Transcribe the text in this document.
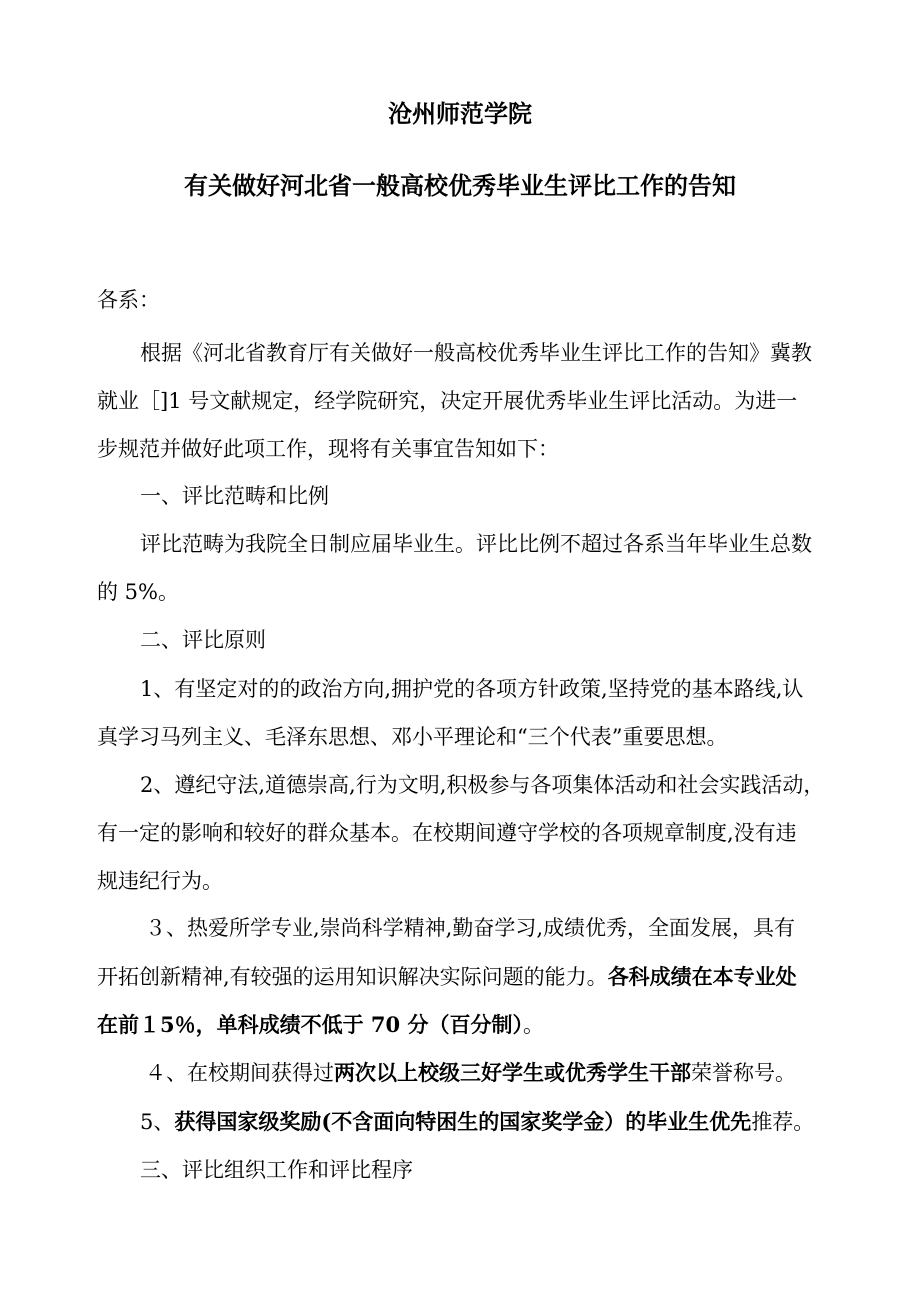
沧州师范学院
有关做好河北省一般高校优秀毕业生评比工作的告知
各系：
根据《河北省教育厅有关做好一般高校优秀毕业生评比工作的告知》冀教
就业［]1 号文献规定，经学院研究，决定开展优秀毕业生评比活动。为进一
步规范并做好此项工作，现将有关事宜告知如下：
一、评比范畴和比例
评比范畴为我院全日制应届毕业生。评比比例不超过各系当年毕业生总数
的 5%。
二、评比原则
1、有坚定对的的政治方向,拥护党的各项方针政策,坚持党的基本路线,认
真学习马列主义、毛泽东思想、邓小平理论和“三个代表”重要思想。
2、遵纪守法,道德崇高,行为文明,积极参与各项集体活动和社会实践活动，
有一定的影响和较好的群众基本。在校期间遵守学校的各项规章制度,没有违
规违纪行为。
３、热爱所学专业,崇尚科学精神,勤奋学习,成绩优秀，全面发展，具有
开拓创新精神,有较强的运用知识解决实际问题的能力。各科成绩在本专业处
在前１5％，单科成绩不低于 70 分（百分制）。
４、在校期间获得过两次以上校级三好学生或优秀学生干部荣誉称号。
5、获得国家级奖励(不含面向特困生的国家奖学金）的毕业生优先推荐。
三、评比组织工作和评比程序
